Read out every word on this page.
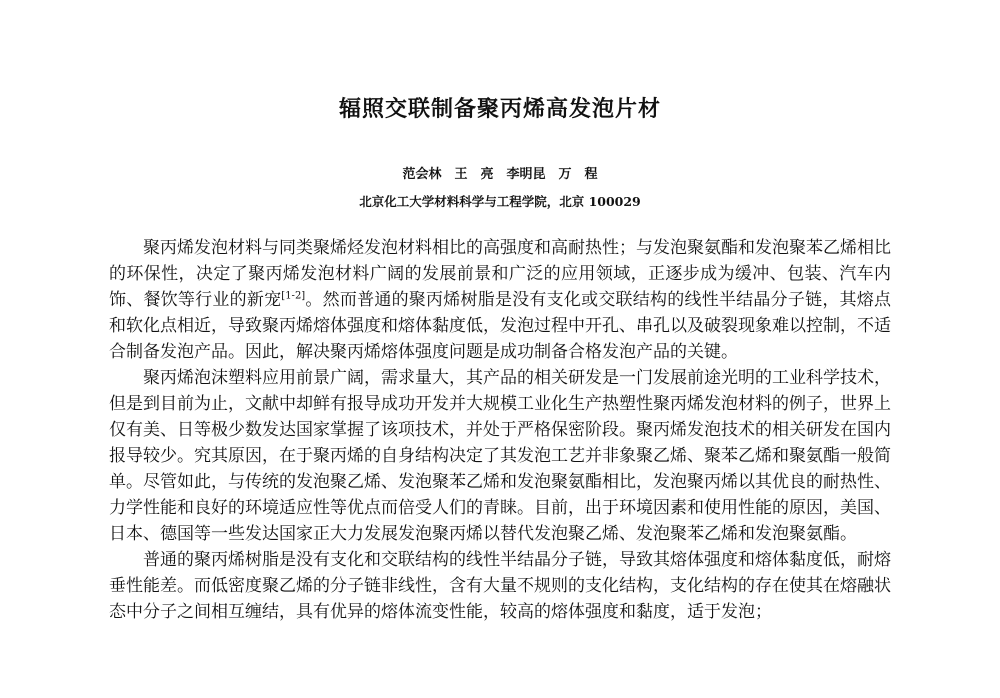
辐照交联制备聚丙烯高发泡片材
范会林　王　亮　李明昆　万　程
北京化工大学材料科学与工程学院，北京 100029

聚丙烯发泡材料与同类聚烯烃发泡材料相比的高强度和高耐热性；与发泡聚氨酯和发泡聚苯乙烯相比的环保性，决定了聚丙烯发泡材料广阔的发展前景和广泛的应用领域，正逐步成为缓冲、包装、汽车内饰、餐饮等行业的新宠[1-2]。然而普通的聚丙烯树脂是没有支化或交联结构的线性半结晶分子链，其熔点和软化点相近，导致聚丙烯熔体强度和熔体黏度低，发泡过程中开孔、串孔以及破裂现象难以控制，不适合制备发泡产品。因此，解决聚丙烯熔体强度问题是成功制备合格发泡产品的关键。

聚丙烯泡沫塑料应用前景广阔，需求量大，其产品的相关研发是一门发展前途光明的工业科学技术，但是到目前为止，文献中却鲜有报导成功开发并大规模工业化生产热塑性聚丙烯发泡材料的例子，世界上仅有美、日等极少数发达国家掌握了该项技术，并处于严格保密阶段。聚丙烯发泡技术的相关研发在国内报导较少。究其原因，在于聚丙烯的自身结构决定了其发泡工艺并非象聚乙烯、聚苯乙烯和聚氨酯一般简单。尽管如此，与传统的发泡聚乙烯、发泡聚苯乙烯和发泡聚氨酯相比，发泡聚丙烯以其优良的耐热性、力学性能和良好的环境适应性等优点而倍受人们的青睐。目前，出于环境因素和使用性能的原因，美国、日本、德国等一些发达国家正大力发展发泡聚丙烯以替代发泡聚乙烯、发泡聚苯乙烯和发泡聚氨酯。

普通的聚丙烯树脂是没有支化和交联结构的线性半结晶分子链，导致其熔体强度和熔体黏度低，耐熔垂性能差。而低密度聚乙烯的分子链非线性，含有大量不规则的支化结构，支化结构的存在使其在熔融状态中分子之间相互缠结，具有优异的熔体流变性能，较高的熔体强度和黏度，适于发泡；
